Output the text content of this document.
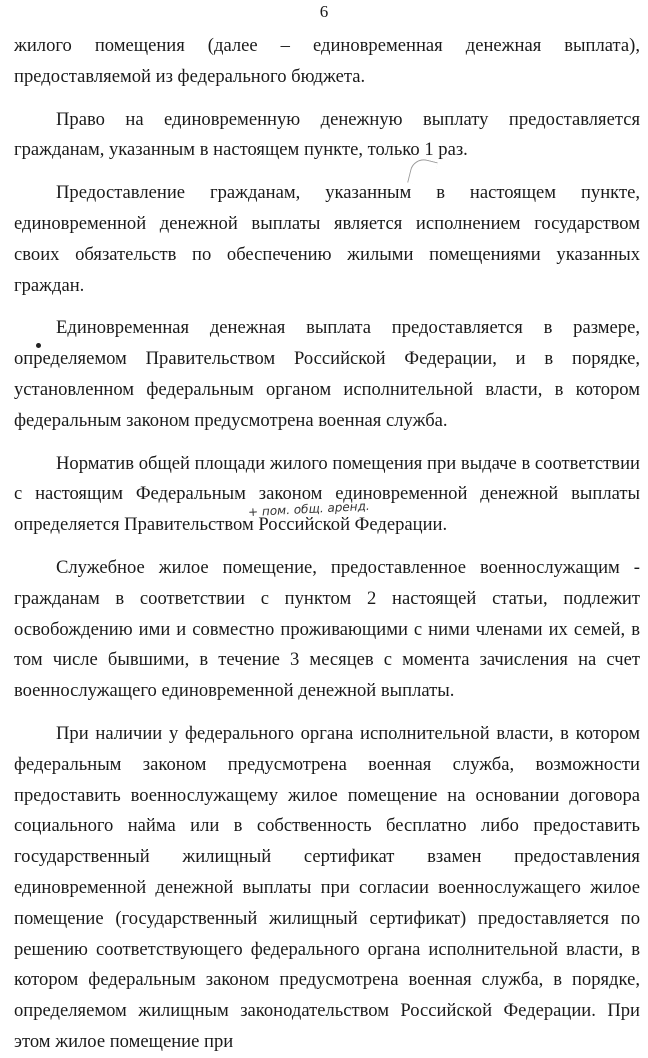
6

жилого помещения (далее – единовременная денежная выплата), предоставляемой из федерального бюджета.

Право на единовременную денежную выплату предоставляется гражданам, указанным в настоящем пункте, только 1 раз.

Предоставление гражданам, указанным в настоящем пункте, единовременной денежной выплаты является исполнением государством своих обязательств по обеспечению жилыми помещениями указанных граждан.

Единовременная денежная выплата предоставляется в размере, определяемом Правительством Российской Федерации, и в порядке, установленном федеральным органом исполнительной власти, в котором федеральным законом предусмотрена военная служба.

Норматив общей площади жилого помещения при выдаче в соответствии с настоящим Федеральным законом единовременной денежной выплаты определяется Правительством Российской Федерации.

Служебное жилое помещение, предоставленное военнослужащим - гражданам в соответствии с пунктом 2 настоящей статьи, подлежит освобождению ими и совместно проживающими с ними членами их семей, в том числе бывшими, в течение 3 месяцев с момента зачисления на счет военнослужащего единовременной денежной выплаты.

При наличии у федерального органа исполнительной власти, в котором федеральным законом предусмотрена военная служба, возможности предоставить военнослужащему жилое помещение на основании договора социального найма или в собственность бесплатно либо предоставить государственный жилищный сертификат взамен предоставления единовременной денежной выплаты при согласии военнослужащего жилое помещение (государственный жилищный сертификат) предоставляется по решению соответствующего федерального органа исполнительной власти, в котором федеральным законом предусмотрена военная служба, в порядке, определяемом жилищным законодательством Российской Федерации. При этом жилое помещение при

+ пом. общ. аренд.
